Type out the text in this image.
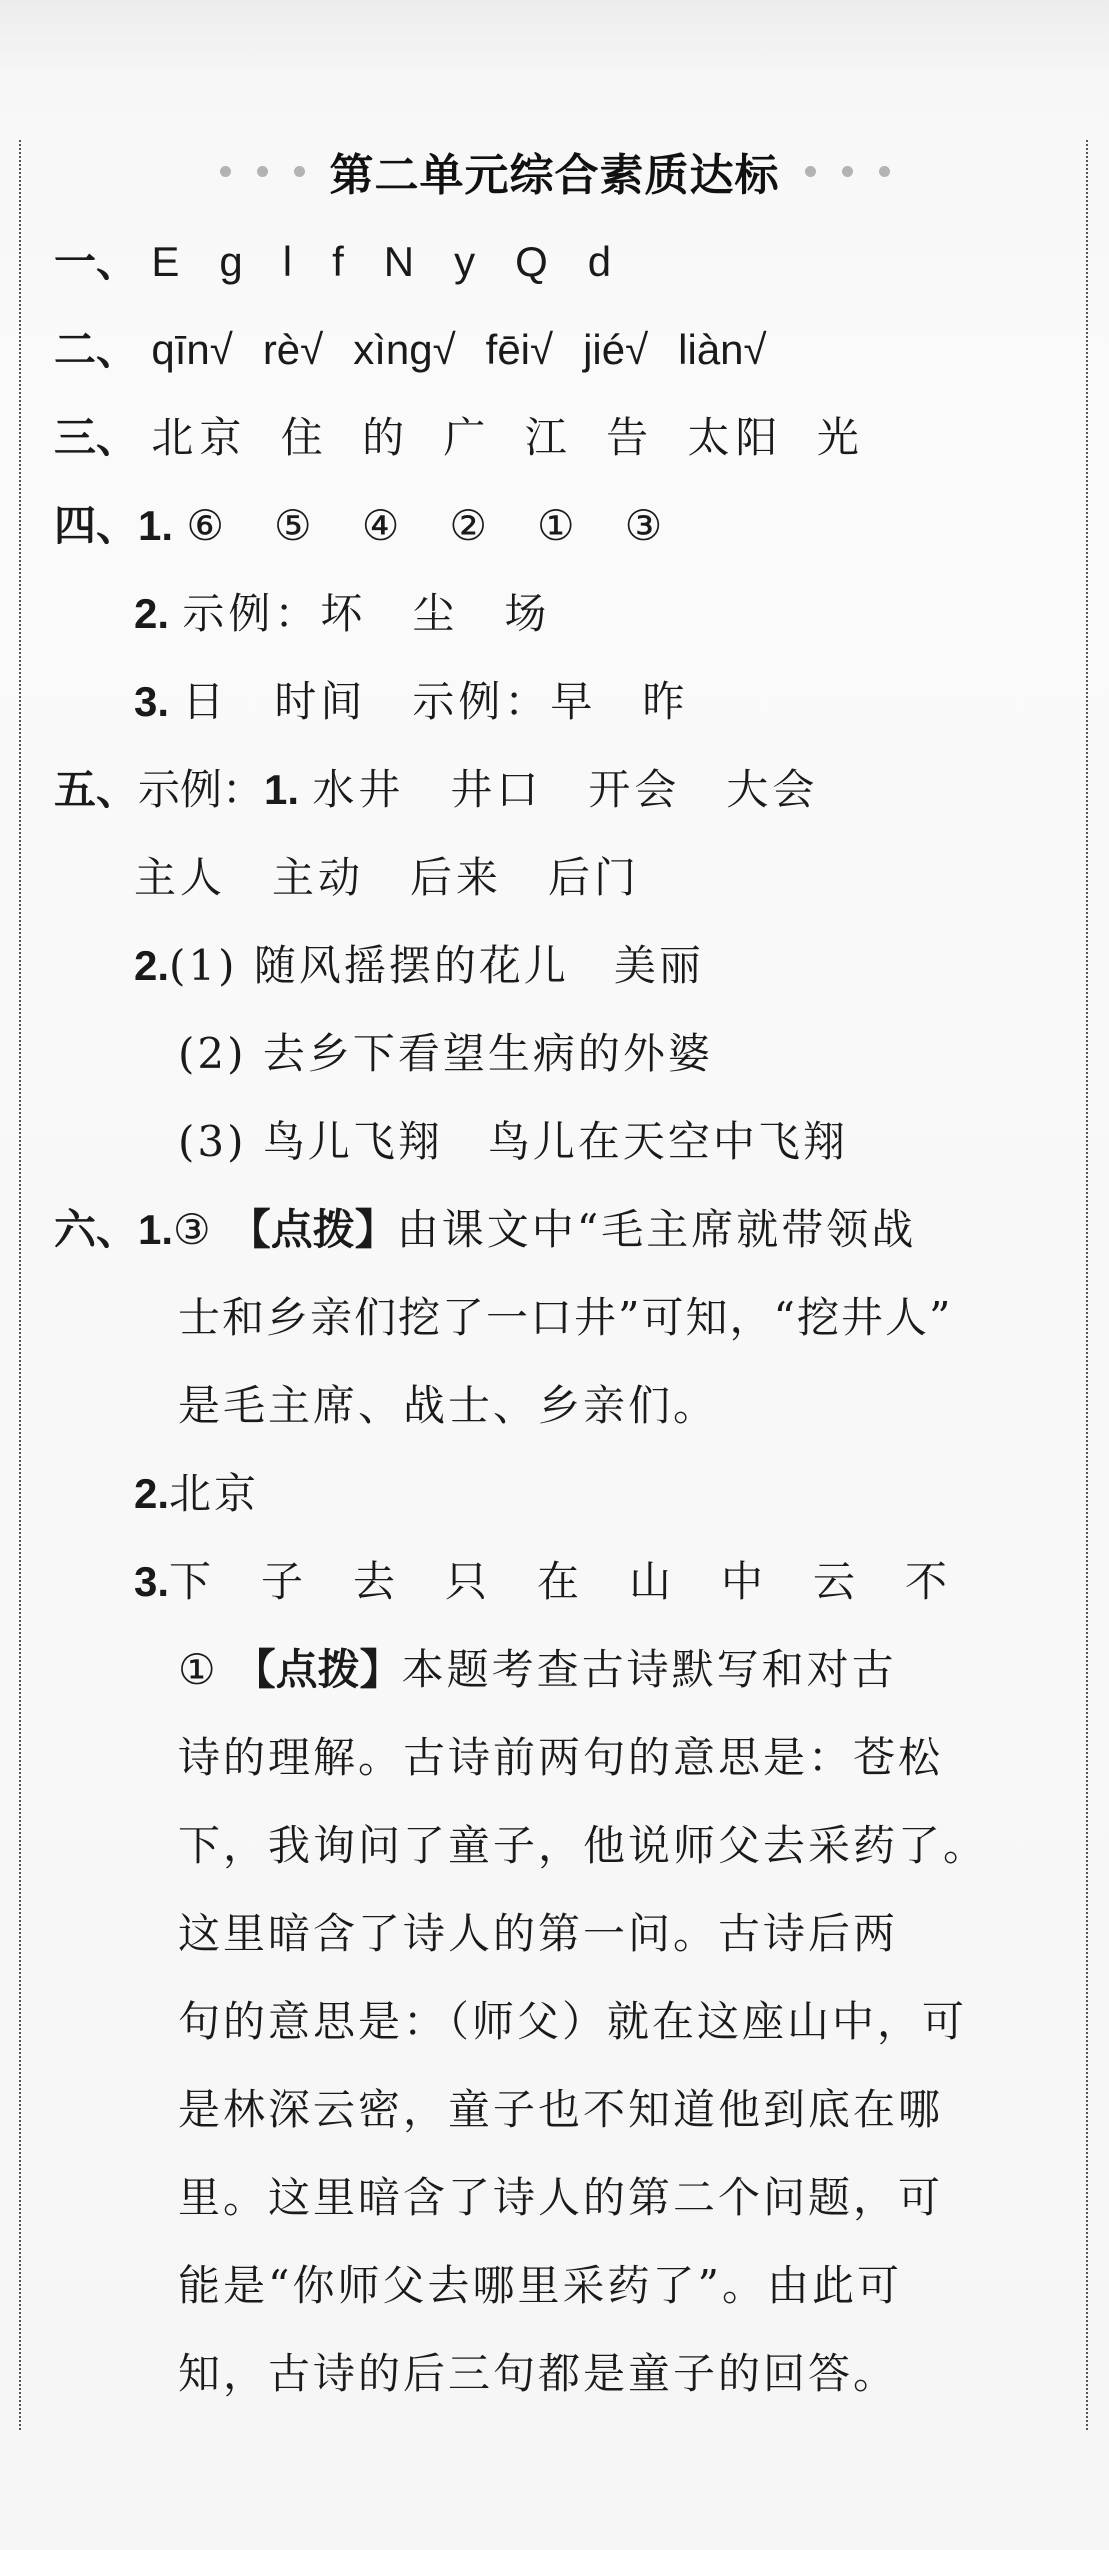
第二单元综合素质达标
一、 E g l f N y Q d
二、 qīn√ rè√ xìng√ fēi√ jié√ liàn√
三、 北京 住 的 广 江 告 太阳 光
四、1. ⑥　⑤　④　②　①　③
2. 示例：坏　尘　场
3. 日　时间　示例：早　昨
五、示例：1. 水井　井口　开会　大会
主人　主动　后来　后门
2.(1) 随风摇摆的花儿　美丽
(2) 去乡下看望生病的外婆
(3) 鸟儿飞翔　鸟儿在天空中飞翔
六、1.③ 【点拨】由课文中“毛主席就带领战
士和乡亲们挖了一口井”可知，“挖井人”
是毛主席、战士、乡亲们。
2.北京
3.下　子　去　只　在　山　中　云　不
① 【点拨】本题考查古诗默写和对古
诗的理解。古诗前两句的意思是：苍松
下，我询问了童子，他说师父去采药了。
这里暗含了诗人的第一问。古诗后两
句的意思是：（师父）就在这座山中，可
是林深云密，童子也不知道他到底在哪
里。这里暗含了诗人的第二个问题，可
能是“你师父去哪里采药了”。由此可
知，古诗的后三句都是童子的回答。
